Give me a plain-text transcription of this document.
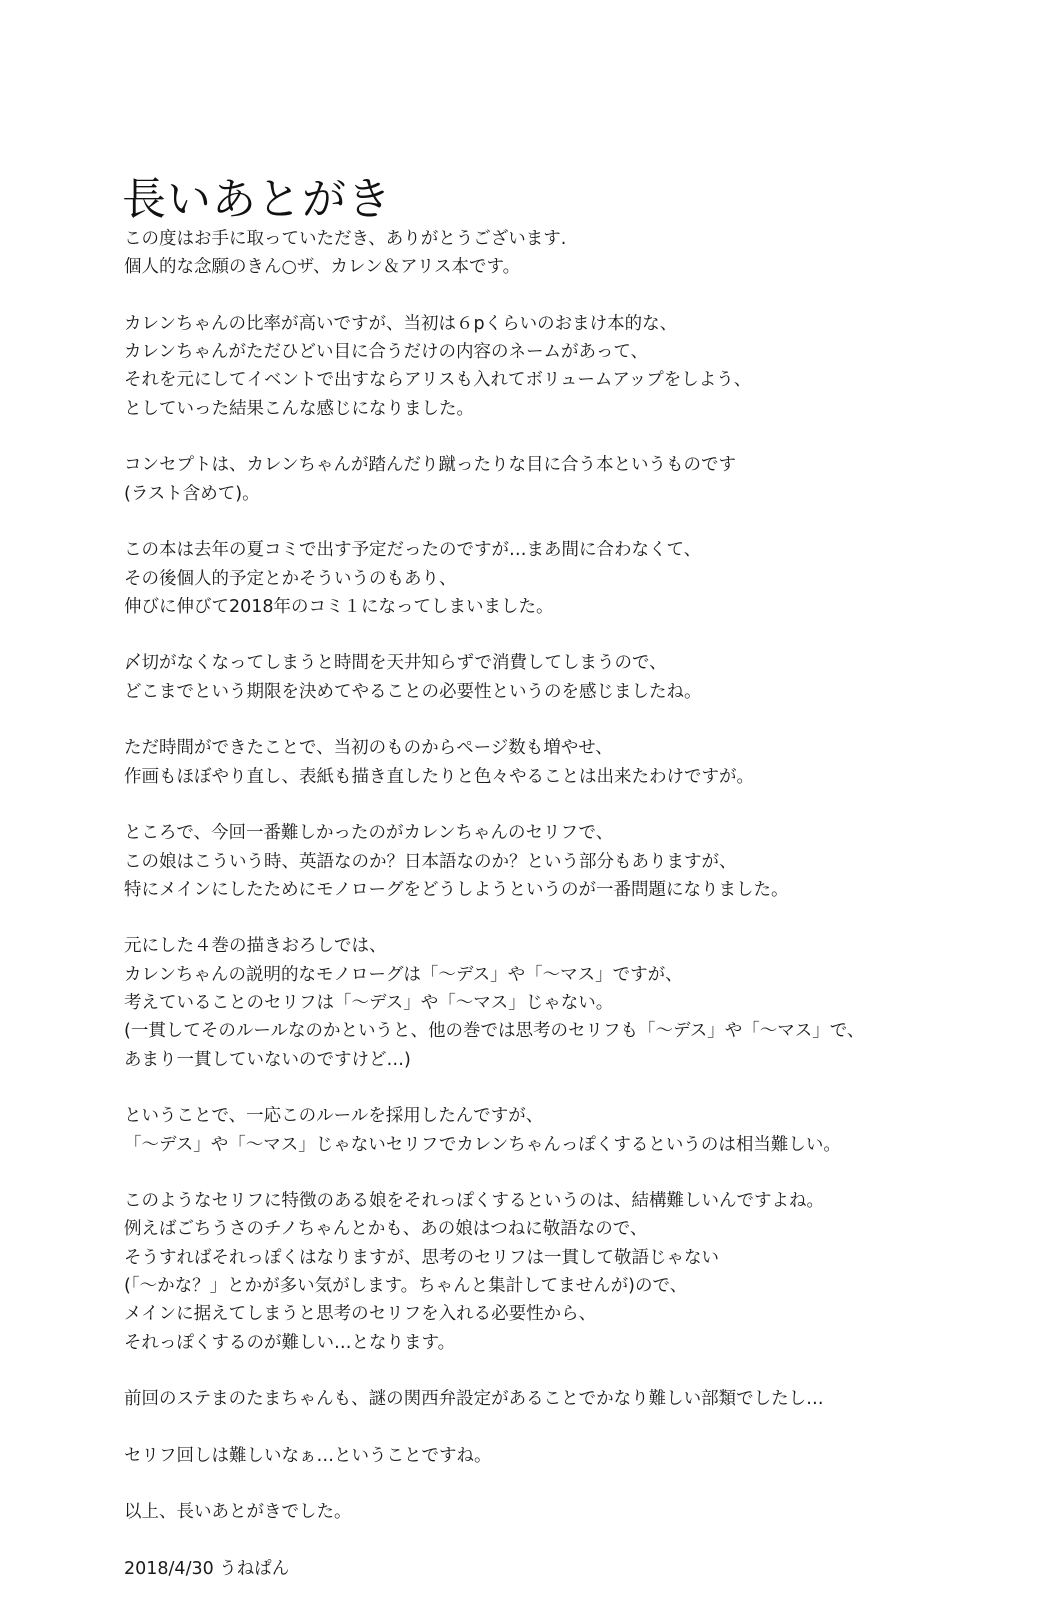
長いあとがき

この度はお手に取っていただき、ありがとうございます.
個人的な念願のきん○ザ、カレン＆アリス本です。

カレンちゃんの比率が高いですが、当初は６pくらいのおまけ本的な、
カレンちゃんがただひどい目に合うだけの内容のネームがあって、
それを元にしてイベントで出すならアリスも入れてボリュームアップをしよう、
としていった結果こんな感じになりました。

コンセプトは、カレンちゃんが踏んだり蹴ったりな目に合う本というものです
(ラスト含めて)。

この本は去年の夏コミで出す予定だったのですが…まあ間に合わなくて、
その後個人的予定とかそういうのもあり、
伸びに伸びて2018年のコミ１になってしまいました。

〆切がなくなってしまうと時間を天井知らずで消費してしまうので、
どこまでという期限を決めてやることの必要性というのを感じましたね。

ただ時間ができたことで、当初のものからページ数も増やせ、
作画もほぼやり直し、表紙も描き直したりと色々やることは出来たわけですが。

ところで、今回一番難しかったのがカレンちゃんのセリフで、
この娘はこういう時、英語なのか？日本語なのか？という部分もありますが、
特にメインにしたためにモノローグをどうしようというのが一番問題になりました。

元にした４巻の描きおろしでは、
カレンちゃんの説明的なモノローグは「〜デス」や「〜マス」ですが、
考えていることのセリフは「〜デス」や「〜マス」じゃない。
(一貫してそのルールなのかというと、他の巻では思考のセリフも「〜デス」や「〜マス」で、
あまり一貫していないのですけど…)

ということで、一応このルールを採用したんですが、
「〜デス」や「〜マス」じゃないセリフでカレンちゃんっぽくするというのは相当難しい。

このようなセリフに特徴のある娘をそれっぽくするというのは、結構難しいんですよね。
例えばごちうさのチノちゃんとかも、あの娘はつねに敬語なので、
そうすればそれっぽくはなりますが、思考のセリフは一貫して敬語じゃない
(「〜かな？」とかが多い気がします。ちゃんと集計してませんが)ので、
メインに据えてしまうと思考のセリフを入れる必要性から、
それっぽくするのが難しい…となります。

前回のステまのたまちゃんも、謎の関西弁設定があることでかなり難しい部類でしたし…

セリフ回しは難しいなぁ…ということですね。

以上、長いあとがきでした。

2018/4/30 うねぱん
